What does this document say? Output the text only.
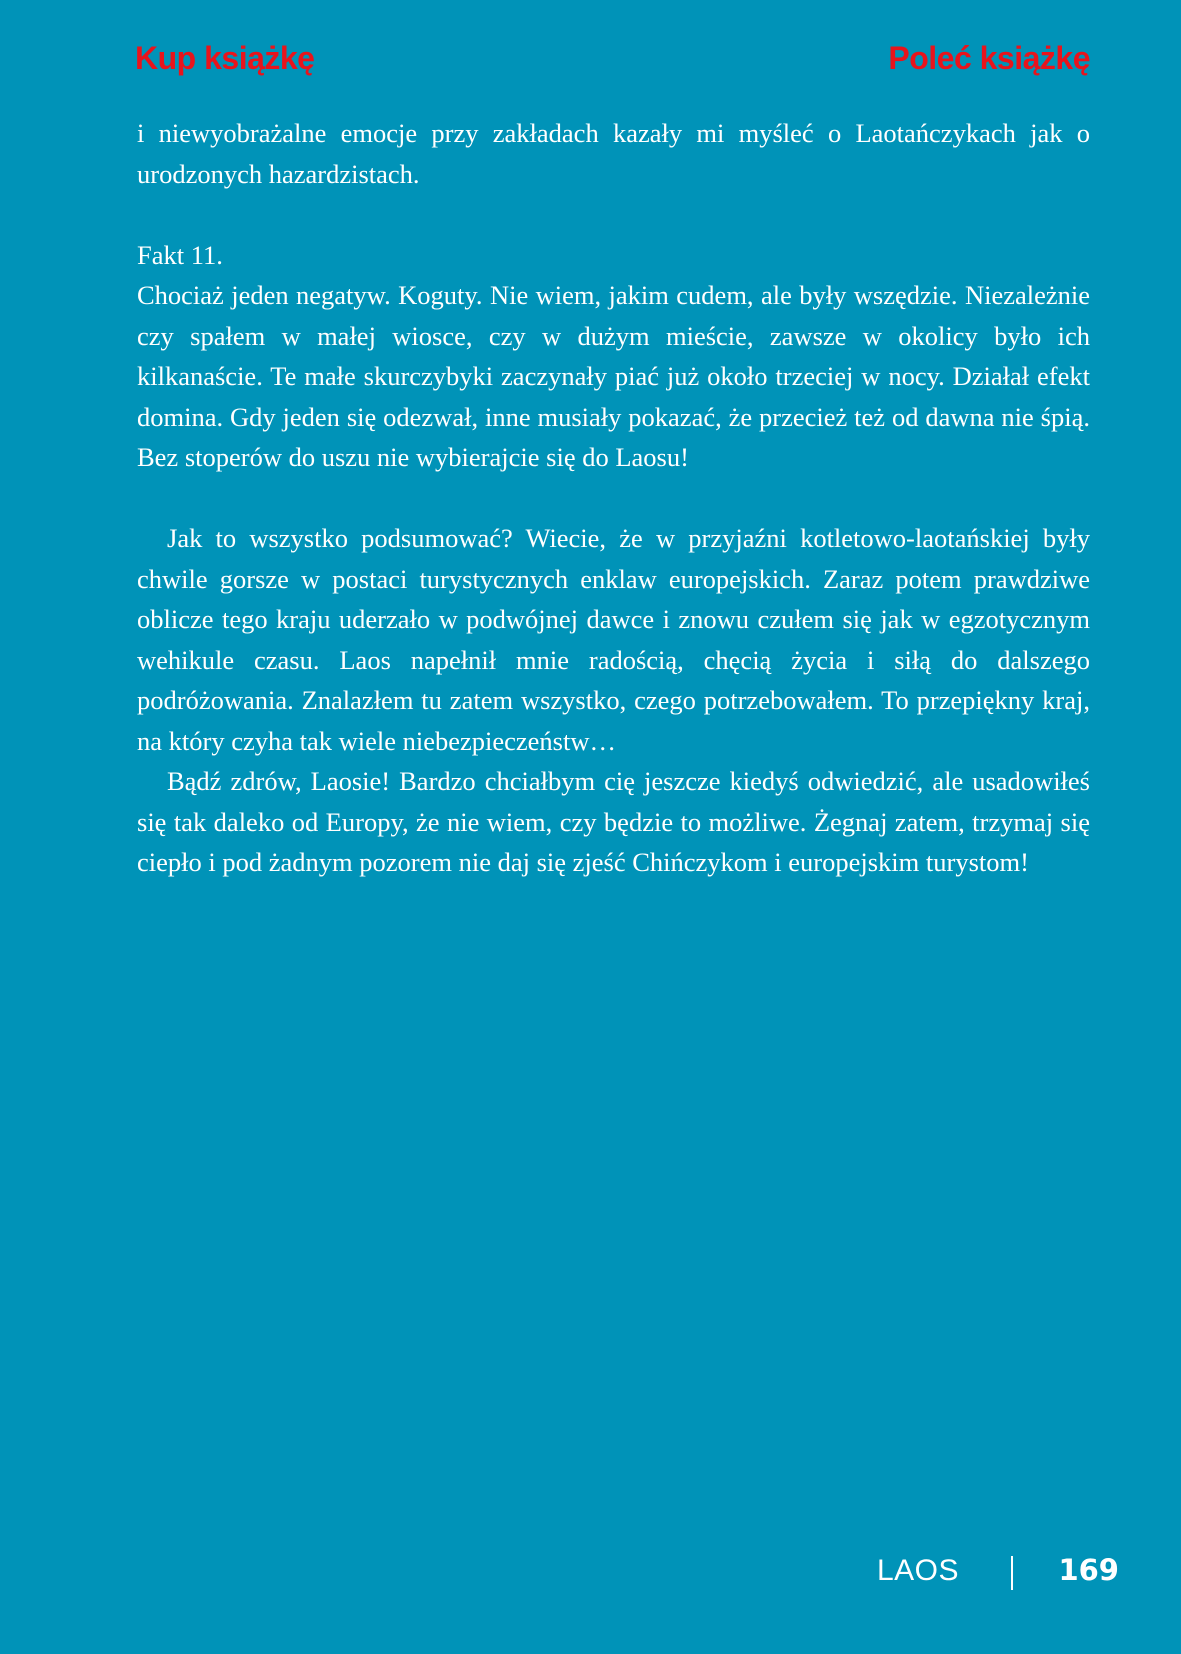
Kup książkę	Poleć książkę

i niewyobrażalne emocje przy zakładach kazały mi myśleć o Laotańczykach jak o urodzonych hazardzistach.

Fakt 11.

Chociaż jeden negatyw. Koguty. Nie wiem, jakim cudem, ale były wszędzie. Niezależnie czy spałem w małej wiosce, czy w dużym mieście, zawsze w okolicy było ich kilkanaście. Te małe skurczybyki zaczynały piać już około trzeciej w nocy. Działał efekt domina. Gdy jeden się odezwał, inne musiały pokazać, że przecież też od dawna nie śpią. Bez stoperów do uszu nie wybierajcie się do Laosu!

Jak to wszystko podsumować? Wiecie, że w przyjaźni kotletowo-laotańskiej były chwile gorsze w postaci turystycznych enklaw europejskich. Zaraz potem prawdziwe oblicze tego kraju uderzało w podwójnej dawce i znowu czułem się jak w egzotycznym wehikule czasu. Laos napełnił mnie radością, chęcią życia i siłą do dalszego podróżowania. Znalazłem tu zatem wszystko, czego potrzebowałem. To przepiękny kraj, na który czyha tak wiele niebezpieczeństw…

Bądź zdrów, Laosie! Bardzo chciałbym cię jeszcze kiedyś odwiedzić, ale usadowiłeś się tak daleko od Europy, że nie wiem, czy będzie to możliwe. Żegnaj zatem, trzymaj się ciepło i pod żadnym pozorem nie daj się zjeść Chińczykom i europejskim turystom!

LAOS	169
